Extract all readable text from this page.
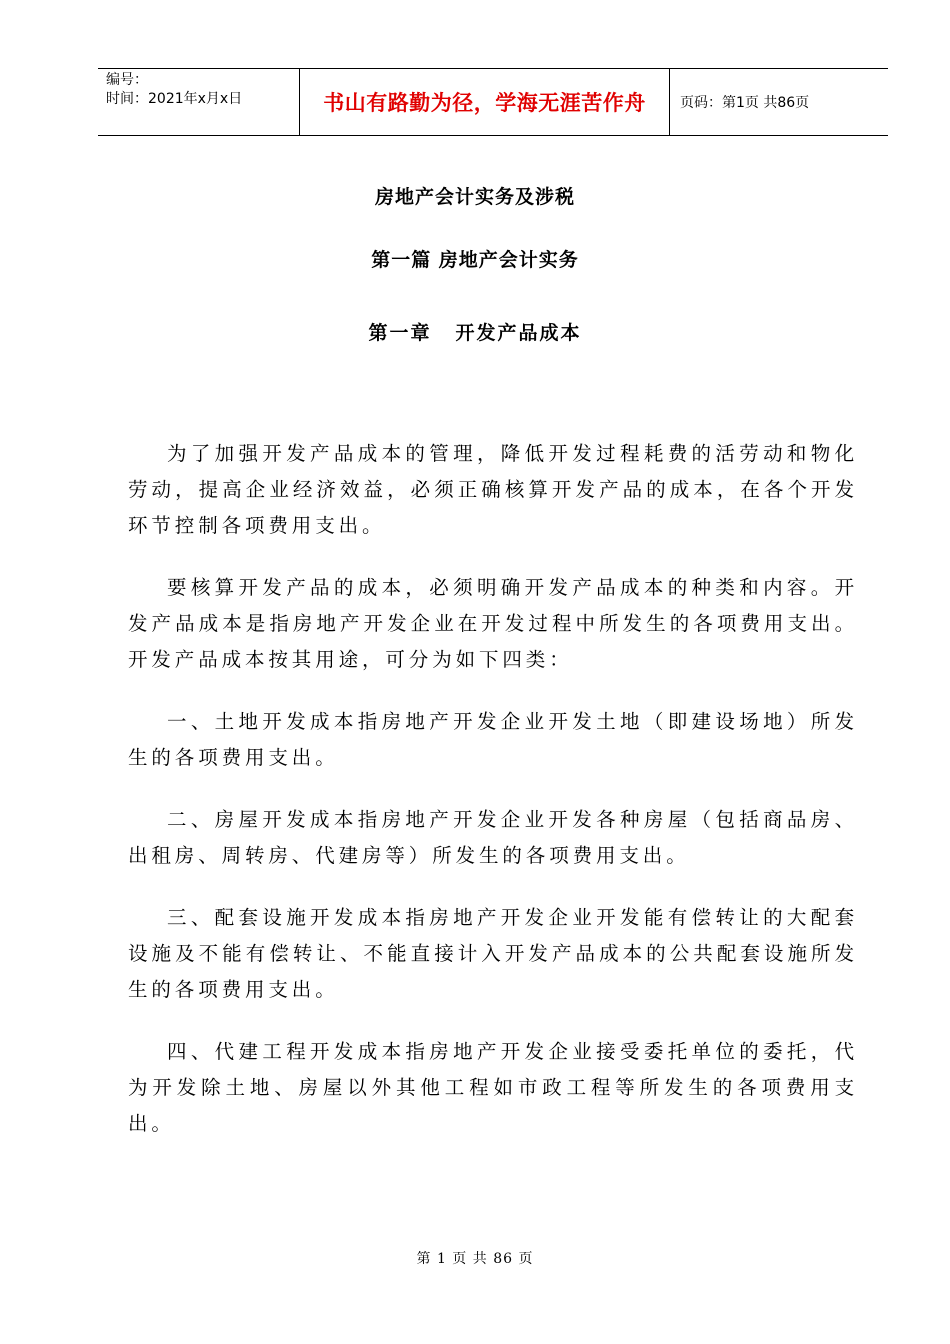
编号：
时间：2021年x月x日	书山有路勤为径，学海无涯苦作舟 页码：第1页 共86页
房地产会计实务及涉税
第一篇 房地产会计实务
第一章 开发产品成本

为了加强开发产品成本的管理，降低开发过程耗费的活劳动和物化劳动，提高企业经济效益，必须正确核算开发产品的成本，在各个开发环节控制各项费用支出。

要核算开发产品的成本，必须明确开发产品成本的种类和内容。开发产品成本是指房地产开发企业在开发过程中所发生的各项费用支出。开发产品成本按其用途，可分为如下四类：

一、土地开发成本指房地产开发企业开发土地（即建设场地）所发生的各项费用支出。

二、房屋开发成本指房地产开发企业开发各种房屋（包括商品房、出租房、周转房、代建房等）所发生的各项费用支出。

三、配套设施开发成本指房地产开发企业开发能有偿转让的大配套设施及不能有偿转让、不能直接计入开发产品成本的公共配套设施所发生的各项费用支出。

四、代建工程开发成本指房地产开发企业接受委托单位的委托，代为开发除土地、房屋以外其他工程如市政工程等所发生的各项费用支出。

第 1 页 共 86 页
